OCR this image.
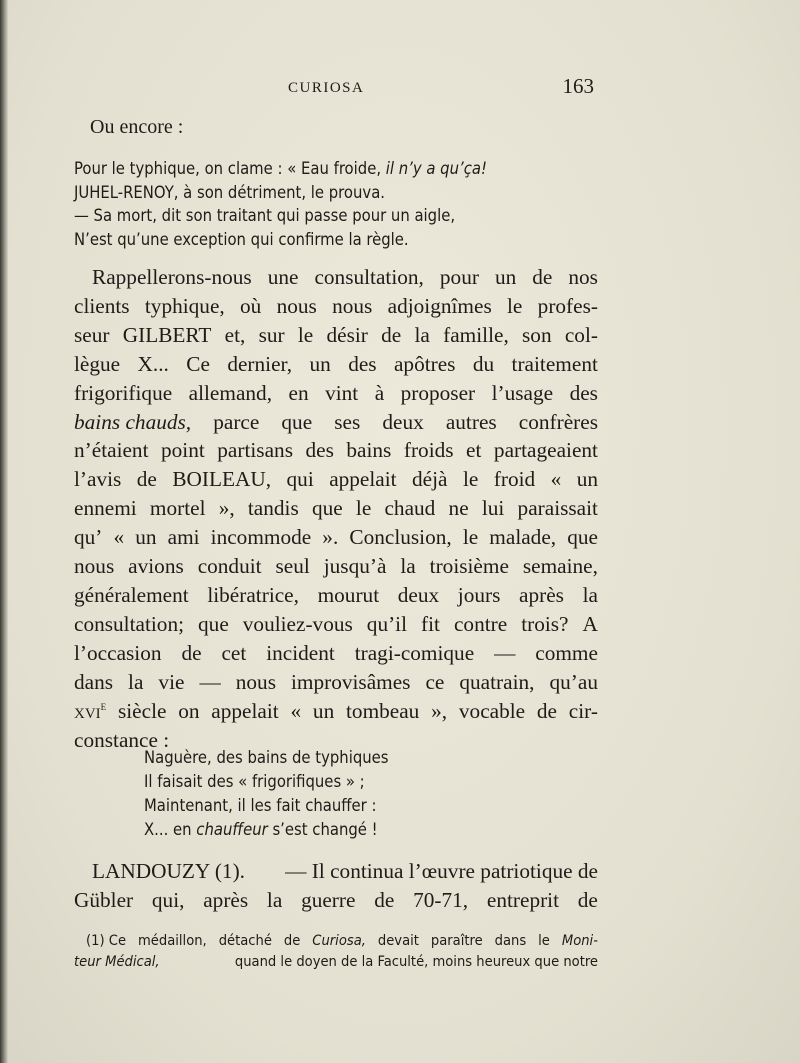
CURIOSA	163
Ou encore :
Pour le typhique, on clame : « Eau froide, il n’y a qu’ça!
JUHEL-RENOY, à son détriment, le prouva.
— Sa mort, dit son traitant qui passe pour un aigle,
N’est qu’une exception qui confirme la règle.
Rappellerons-nous une consultation, pour un de nos
clients typhique, où nous nous adjoignîmes le profes-
seur GILBERT et, sur le désir de la famille, son col-
lègue X... Ce dernier, un des apôtres du traitement
frigorifique allemand, en vint à proposer l’usage des
bains chauds, parce que ses deux autres confrères
n’étaient point partisans des bains froids et partageaient
l’avis de BOILEAU, qui appelait déjà le froid « un
ennemi mortel », tandis que le chaud ne lui paraissait
qu’ « un ami incommode ». Conclusion, le malade, que
nous avions conduit seul jusqu’à la troisième semaine,
généralement libératrice, mourut deux jours après la
consultation; que vouliez-vous qu’il fit contre trois? A
l’occasion de cet incident tragi-comique — comme
dans la vie — nous improvisâmes ce quatrain, qu’au
xvi$^e$ siècle on appelait « un tombeau », vocable de cir-
constance :
Naguère, des bains de typhiques
Il faisait des « frigorifiques » ;
Maintenant, il les fait chauffer :
X... en chauffeur s’est changé !
LANDOUZY (1). — Il continua l’œuvre patriotique de
Gübler qui, après la guerre de 70-71, entreprit de
(1) Ce médaillon, détaché de Curiosa, devait paraître dans le Moni-
teur Médical,	quand le doyen de la Faculté, moins heureux que notre
